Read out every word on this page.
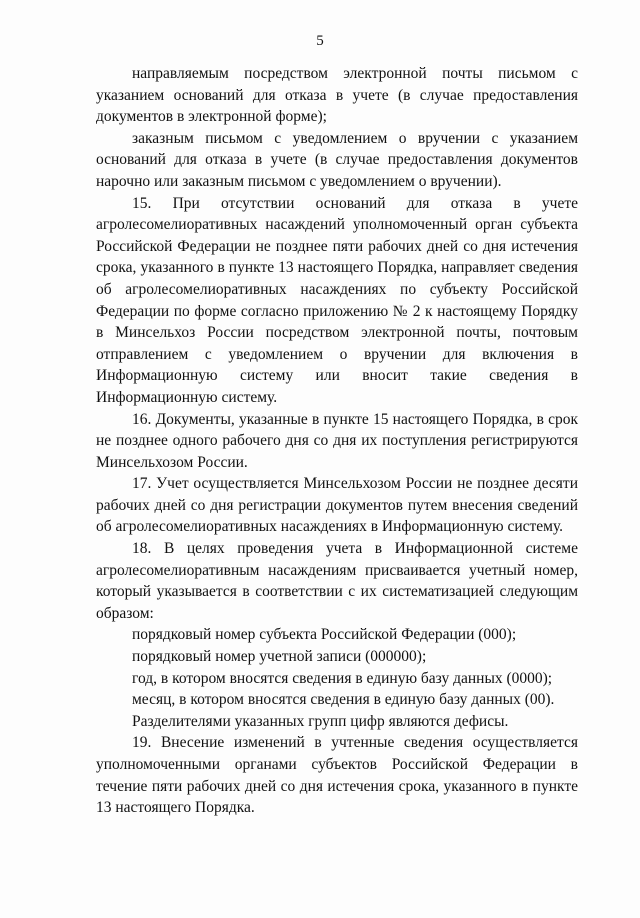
5

направляемым посредством электронной почты письмом с указанием оснований для отказа в учете (в случае предоставления документов в электронной форме);

заказным письмом с уведомлением о вручении с указанием оснований для отказа в учете (в случае предоставления документов нарочно или заказным письмом с уведомлением о вручении).

15. При отсутствии оснований для отказа в учете агролесомелиоративных насаждений уполномоченный орган субъекта Российской Федерации не позднее пяти рабочих дней со дня истечения срока, указанного в пункте 13 настоящего Порядка, направляет сведения об агролесомелиоративных насаждениях по субъекту Российской Федерации по форме согласно приложению № 2 к настоящему Порядку в Минсельхоз России посредством электронной почты, почтовым отправлением с уведомлением о вручении для включения в Информационную систему или вносит такие сведения в Информационную систему.

16. Документы, указанные в пункте 15 настоящего Порядка, в срок не позднее одного рабочего дня со дня их поступления регистрируются Минсельхозом России.

17. Учет осуществляется Минсельхозом России не позднее десяти рабочих дней со дня регистрации документов путем внесения сведений об агролесомелиоративных насаждениях в Информационную систему.

18. В целях проведения учета в Информационной системе агролесомелиоративным насаждениям присваивается учетный номер, который указывается в соответствии с их систематизацией следующим образом:

порядковый номер субъекта Российской Федерации (000);

порядковый номер учетной записи (000000);

год, в котором вносятся сведения в единую базу данных (0000);

месяц, в котором вносятся сведения в единую базу данных (00).

Разделителями указанных групп цифр являются дефисы.

19. Внесение изменений в учтенные сведения осуществляется уполномоченными органами субъектов Российской Федерации в течение пяти рабочих дней со дня истечения срока, указанного в пункте 13 настоящего Порядка.
